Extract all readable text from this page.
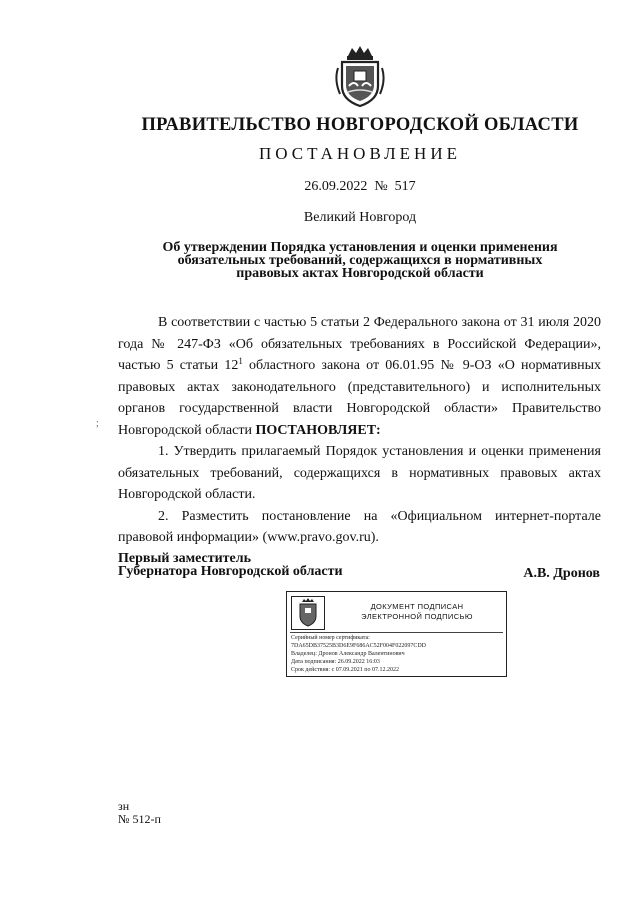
ПРАВИТЕЛЬСТВО НОВГОРОДСКОЙ ОБЛАСТИ
ПОСТАНОВЛЕНИЕ
26.09.2022 № 517
Великий Новгород
Об утверждении Порядка установления и оценки применения
обязательных требований, содержащихся в нормативных
правовых актах Новгородской области
;

В соответствии с частью 5 статьи 2 Федерального закона от 31 июля 2020 года № 247-ФЗ «Об обязательных требованиях в Российской Федерации», частью 5 статьи $12^1$ областного закона от 06.01.95 № 9-ОЗ «О нормативных правовых актах законодательного (представительного) и исполнительных органов государственной власти Новгородской области» Правительство Новгородской области ПОСТАНОВЛЯЕТ:

1. Утвердить прилагаемый Порядок установления и оценки применения обязательных требований, содержащихся в нормативных правовых актах Новгородской области.

2. Разместить постановление на «Официальном интернет-портале правовой информации» (www.pravo.gov.ru).

Первый заместитель
Губернатора Новгородской области	А.В. Дронов
ДОКУМЕНТ ПОДПИСАН
ЭЛЕКТРОННОЙ ПОДПИСЬЮ
Серийный номер сертификата:
7DA65DB37525B3D6E9F686AC52F004F022097CDD
Владелец: Дронов Александр Валентинович
Дата подписания: 26.09.2022 16:03
Срок действия: с 07.09.2021 по 07.12.2022
зн
№ 512-п
